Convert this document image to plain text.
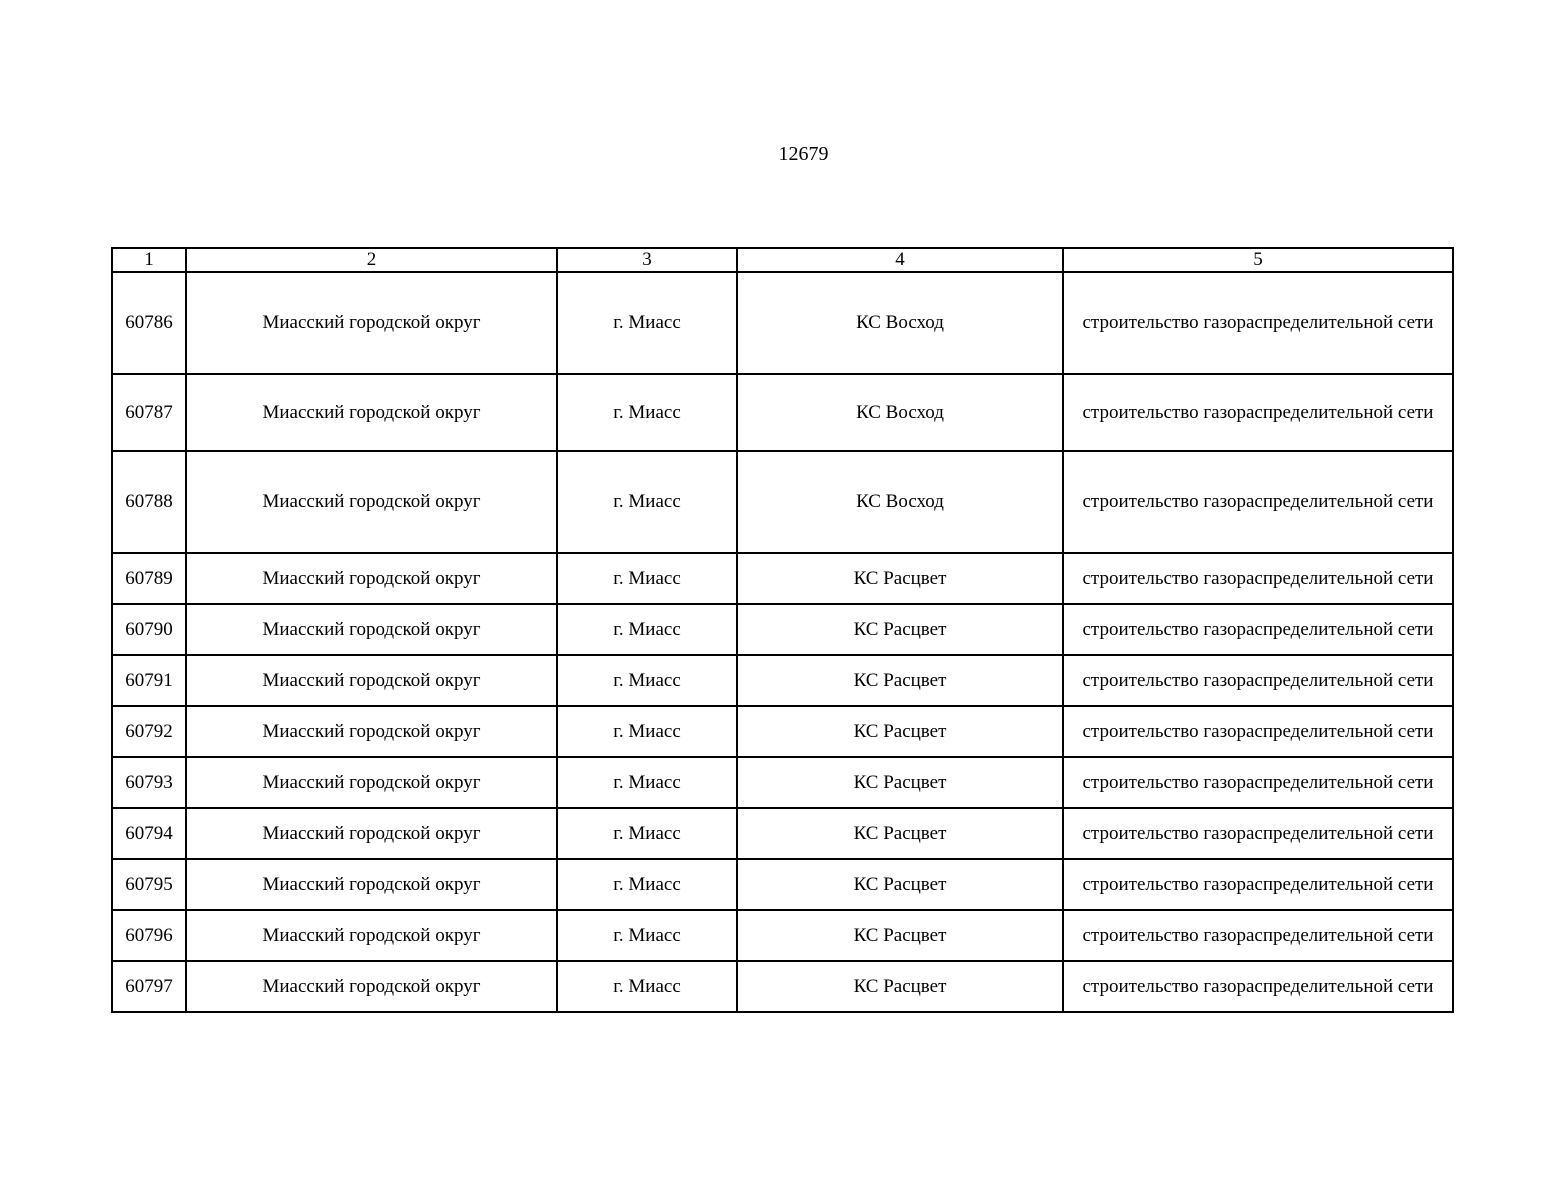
12679
1	2	3	4	5
60786	Миасский городской округ	г. Миасс	КС Восход	строительство газораспределительной сети
60787	Миасский городской округ	г. Миасс	КС Восход	строительство газораспределительной сети
60788	Миасский городской округ	г. Миасс	КС Восход	строительство газораспределительной сети
60789	Миасский городской округ	г. Миасс	КС Расцвет	строительство газораспределительной сети
60790	Миасский городской округ	г. Миасс	КС Расцвет	строительство газораспределительной сети
60791	Миасский городской округ	г. Миасс	КС Расцвет	строительство газораспределительной сети
60792	Миасский городской округ	г. Миасс	КС Расцвет	строительство газораспределительной сети
60793	Миасский городской округ	г. Миасс	КС Расцвет	строительство газораспределительной сети
60794	Миасский городской округ	г. Миасс	КС Расцвет	строительство газораспределительной сети
60795	Миасский городской округ	г. Миасс	КС Расцвет	строительство газораспределительной сети
60796	Миасский городской округ	г. Миасс	КС Расцвет	строительство газораспределительной сети
60797	Миасский городской округ	г. Миасс	КС Расцвет	строительство газораспределительной сети
